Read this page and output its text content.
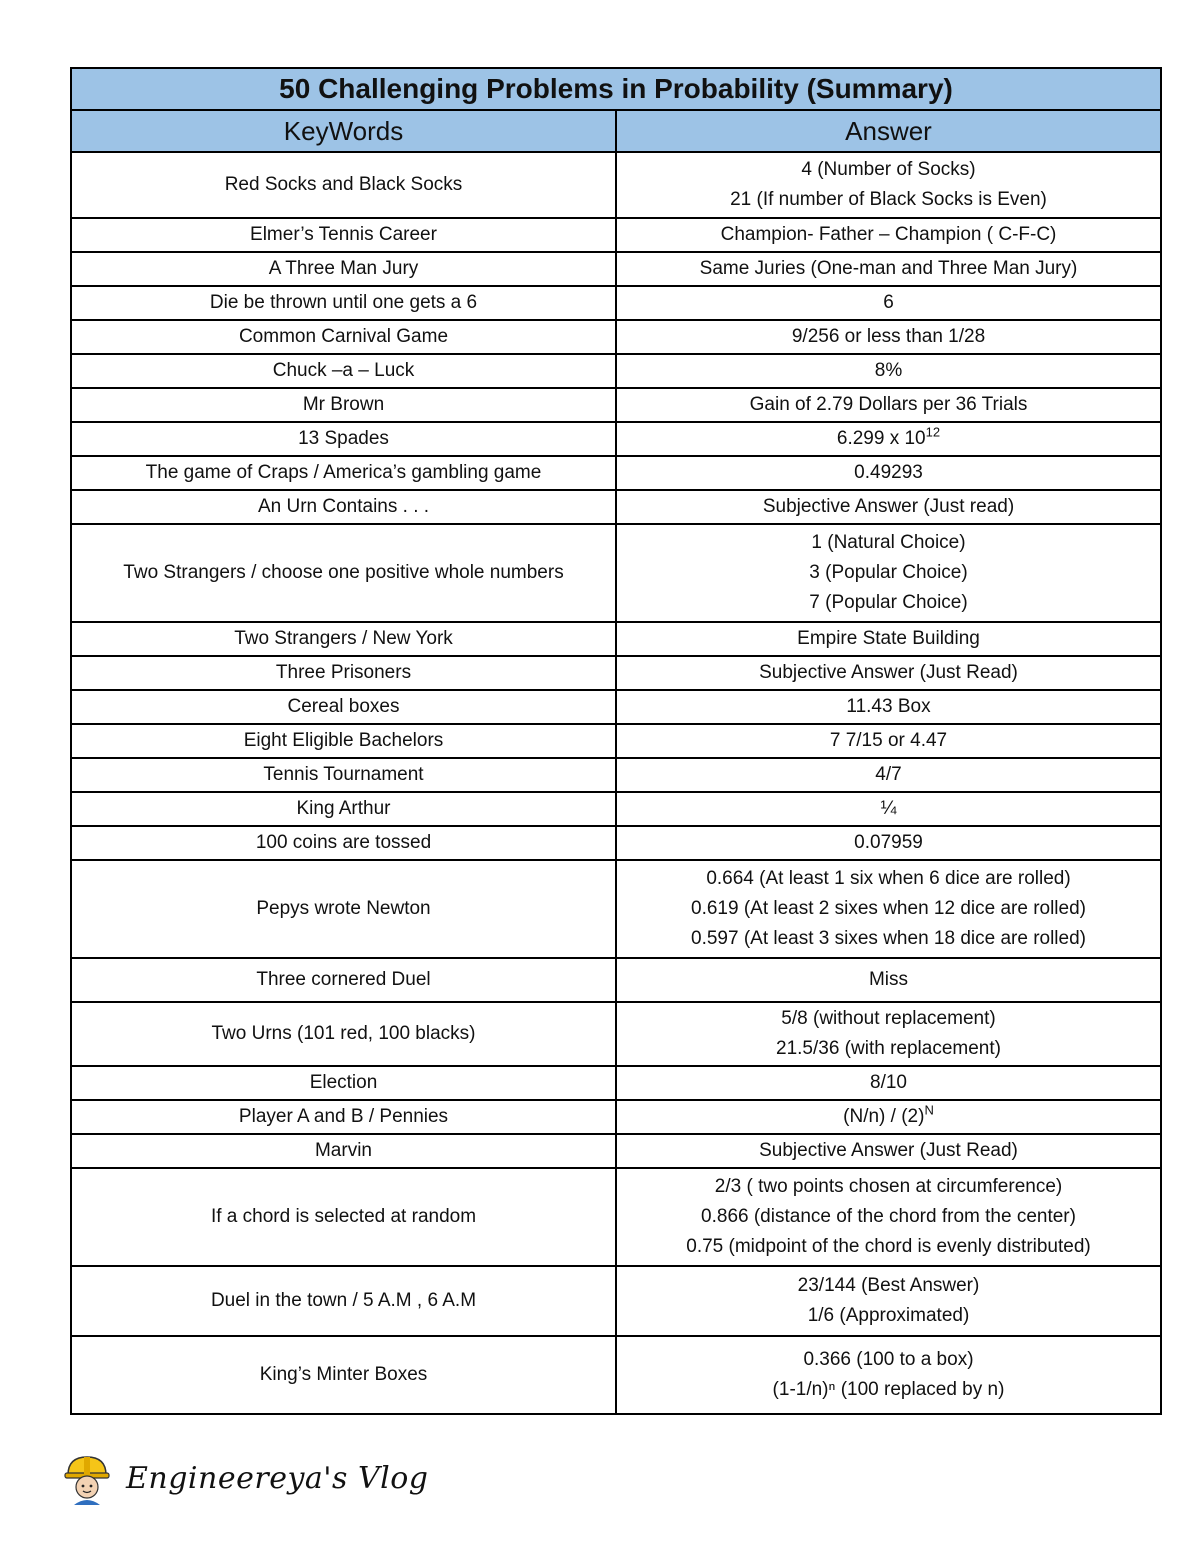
50 Challenging Problems in Probability (Summary)	
KeyWords	Answer
Red Socks and Black Socks	4 (Number of Socks)
21 (If number of Black Socks is Even)

Elmer’s Tennis Career	Champion- Father – Champion ( C-F-C)

A Three Man Jury	Same Juries (One-man and Three Man Jury)

Die be thrown until one gets a 6	6

Common Carnival Game	9/256 or less than 1/28

Chuck –a – Luck	8%

Mr Brown	Gain of 2.79 Dollars per 36 Trials

13 Spades	6.299 x $10^{12}$

The game of Craps / America’s gambling game	0.49293

An Urn Contains . . .	Subjective Answer (Just read)

Two Strangers / choose one positive whole numbers	1 (Natural Choice)
3 (Popular Choice)
7 (Popular Choice)

Two Strangers / New York	Empire State Building

Three Prisoners	Subjective Answer (Just Read)

Cereal boxes	11.43 Box

Eight Eligible Bachelors	7 7/15 or 4.47

Tennis Tournament	4/7

King Arthur	¼

100 coins are tossed	0.07959

Pepys wrote Newton	0.664 (At least 1 six when 6 dice are rolled)
0.619 (At least 2 sixes when 12 dice are rolled)
0.597 (At least 3 sixes when 18 dice are rolled)

Three cornered Duel	Miss

Two Urns (101 red, 100 blacks)	5/8 (without replacement)
21.5/36 (with replacement)

Election	8/10

Player A and B / Pennies	$(N/n) / (2)^N$

Marvin	Subjective Answer (Just Read)

If a chord is selected at random	2/3 ( two points chosen at circumference)
0.866 (distance of the chord from the center)
0.75 (midpoint of the chord is evenly distributed)

Duel in the town / 5 A.M , 6 A.M	23/144 (Best Answer)
1/6 (Approximated)

King’s Minter Boxes	0.366 (100 to a box)
(1-1/n)ⁿ (100 replaced by n)
Engineereya's Vlog
